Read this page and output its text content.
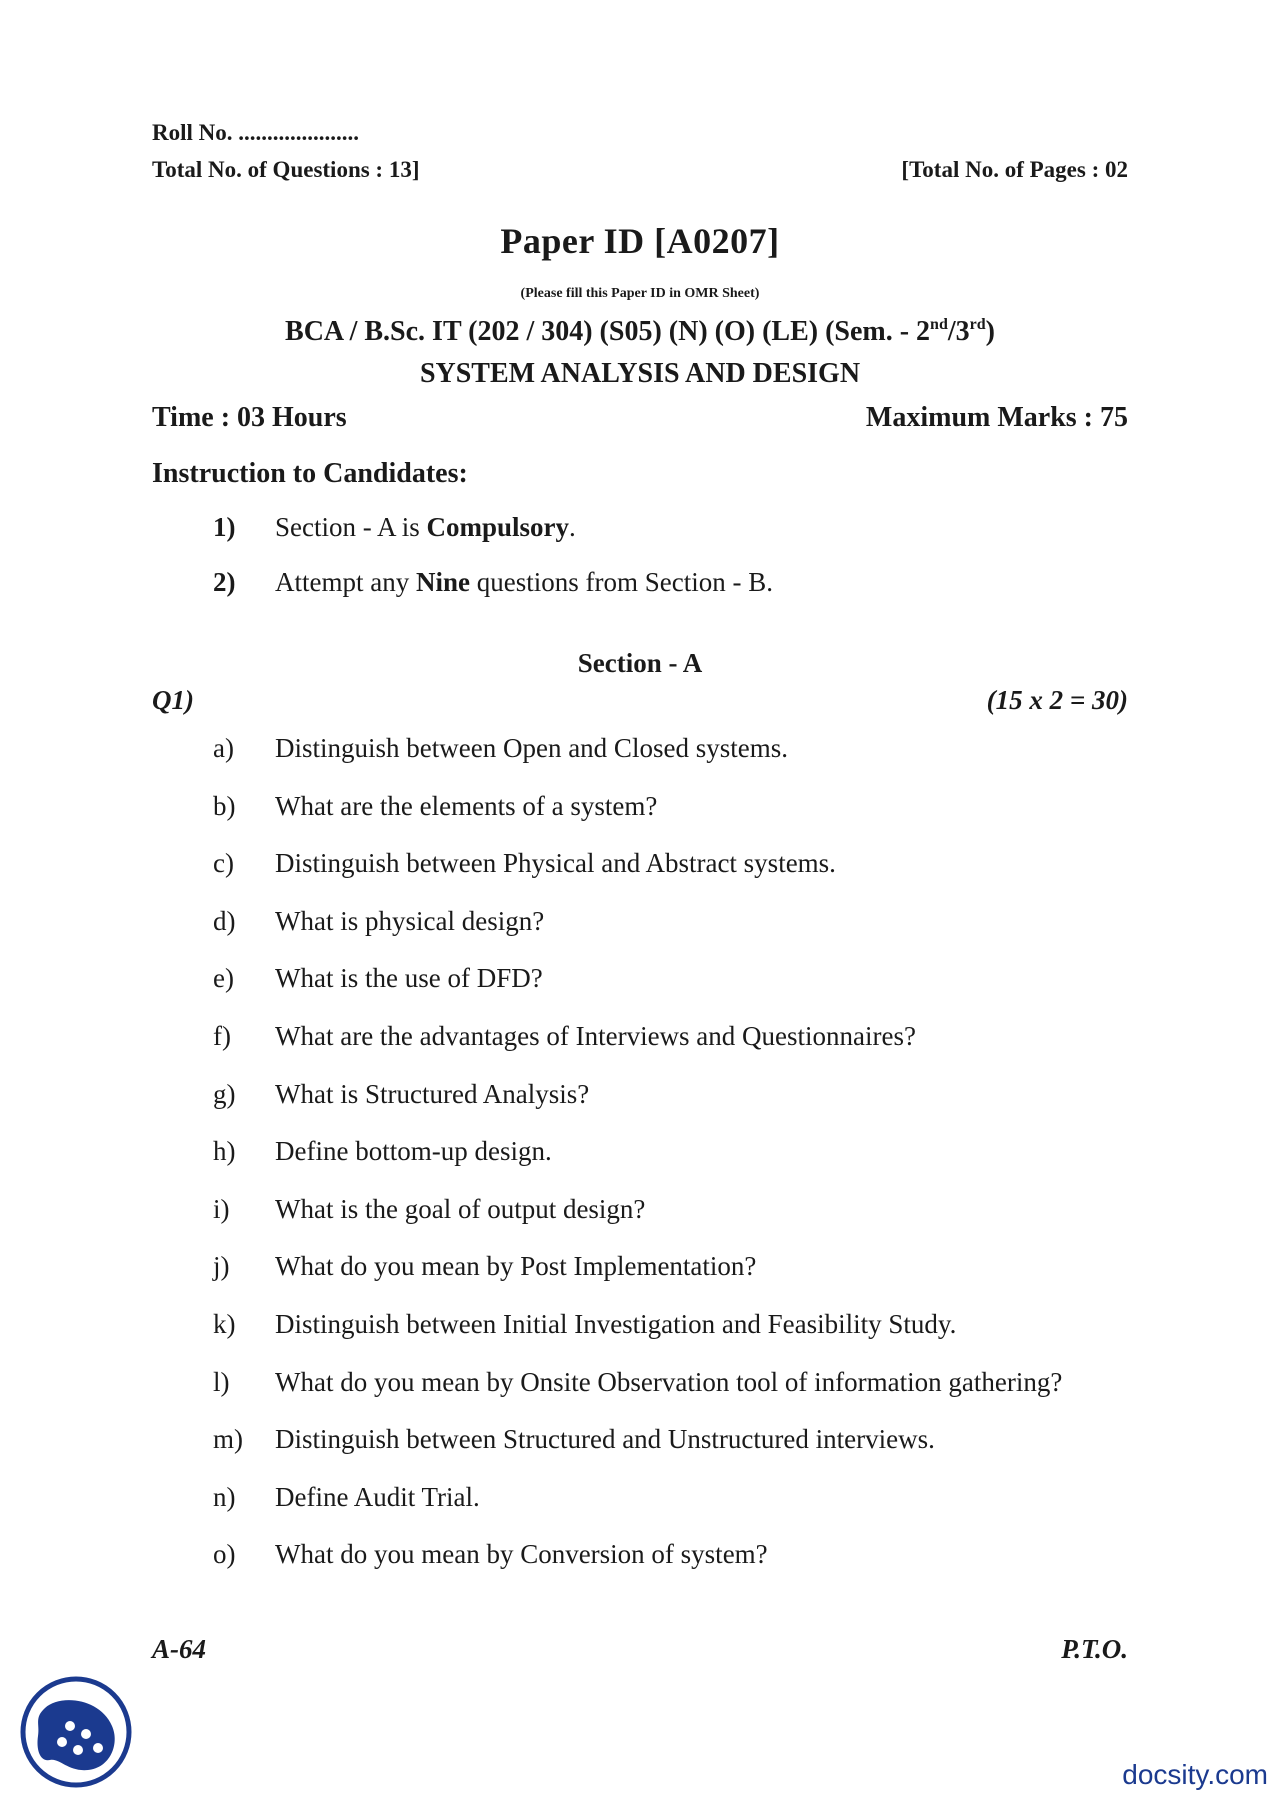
Roll No. .....................
Total No. of Questions : 13]	[Total No. of Pages : 02
Paper ID [A0207]
(Please fill this Paper ID in OMR Sheet)
BCA / B.Sc. IT (202 / 304) (S05) (N) (O) (LE) (Sem. - 2nd/3rd)
SYSTEM ANALYSIS AND DESIGN
Time : 03 Hours	Maximum Marks : 75
Instruction to Candidates:
1) Section - A is Compulsory.
2) Attempt any Nine questions from Section - B.
Section - A
Q1)	(15 x 2 = 30)
a) Distinguish between Open and Closed systems.
b) What are the elements of a system?
c) Distinguish between Physical and Abstract systems.
d) What is physical design?
e) What is the use of DFD?
f) What are the advantages of Interviews and Questionnaires?
g) What is Structured Analysis?
h) Define bottom-up design.
i) What is the goal of output design?
j) What do you mean by Post Implementation?
k) Distinguish between Initial Investigation and Feasibility Study.
l) What do you mean by Onsite Observation tool of information gathering?
m) Distinguish between Structured and Unstructured interviews.
n) Define Audit Trial.
o) What do you mean by Conversion of system?
A-64	P.T.O.
docsity.com
